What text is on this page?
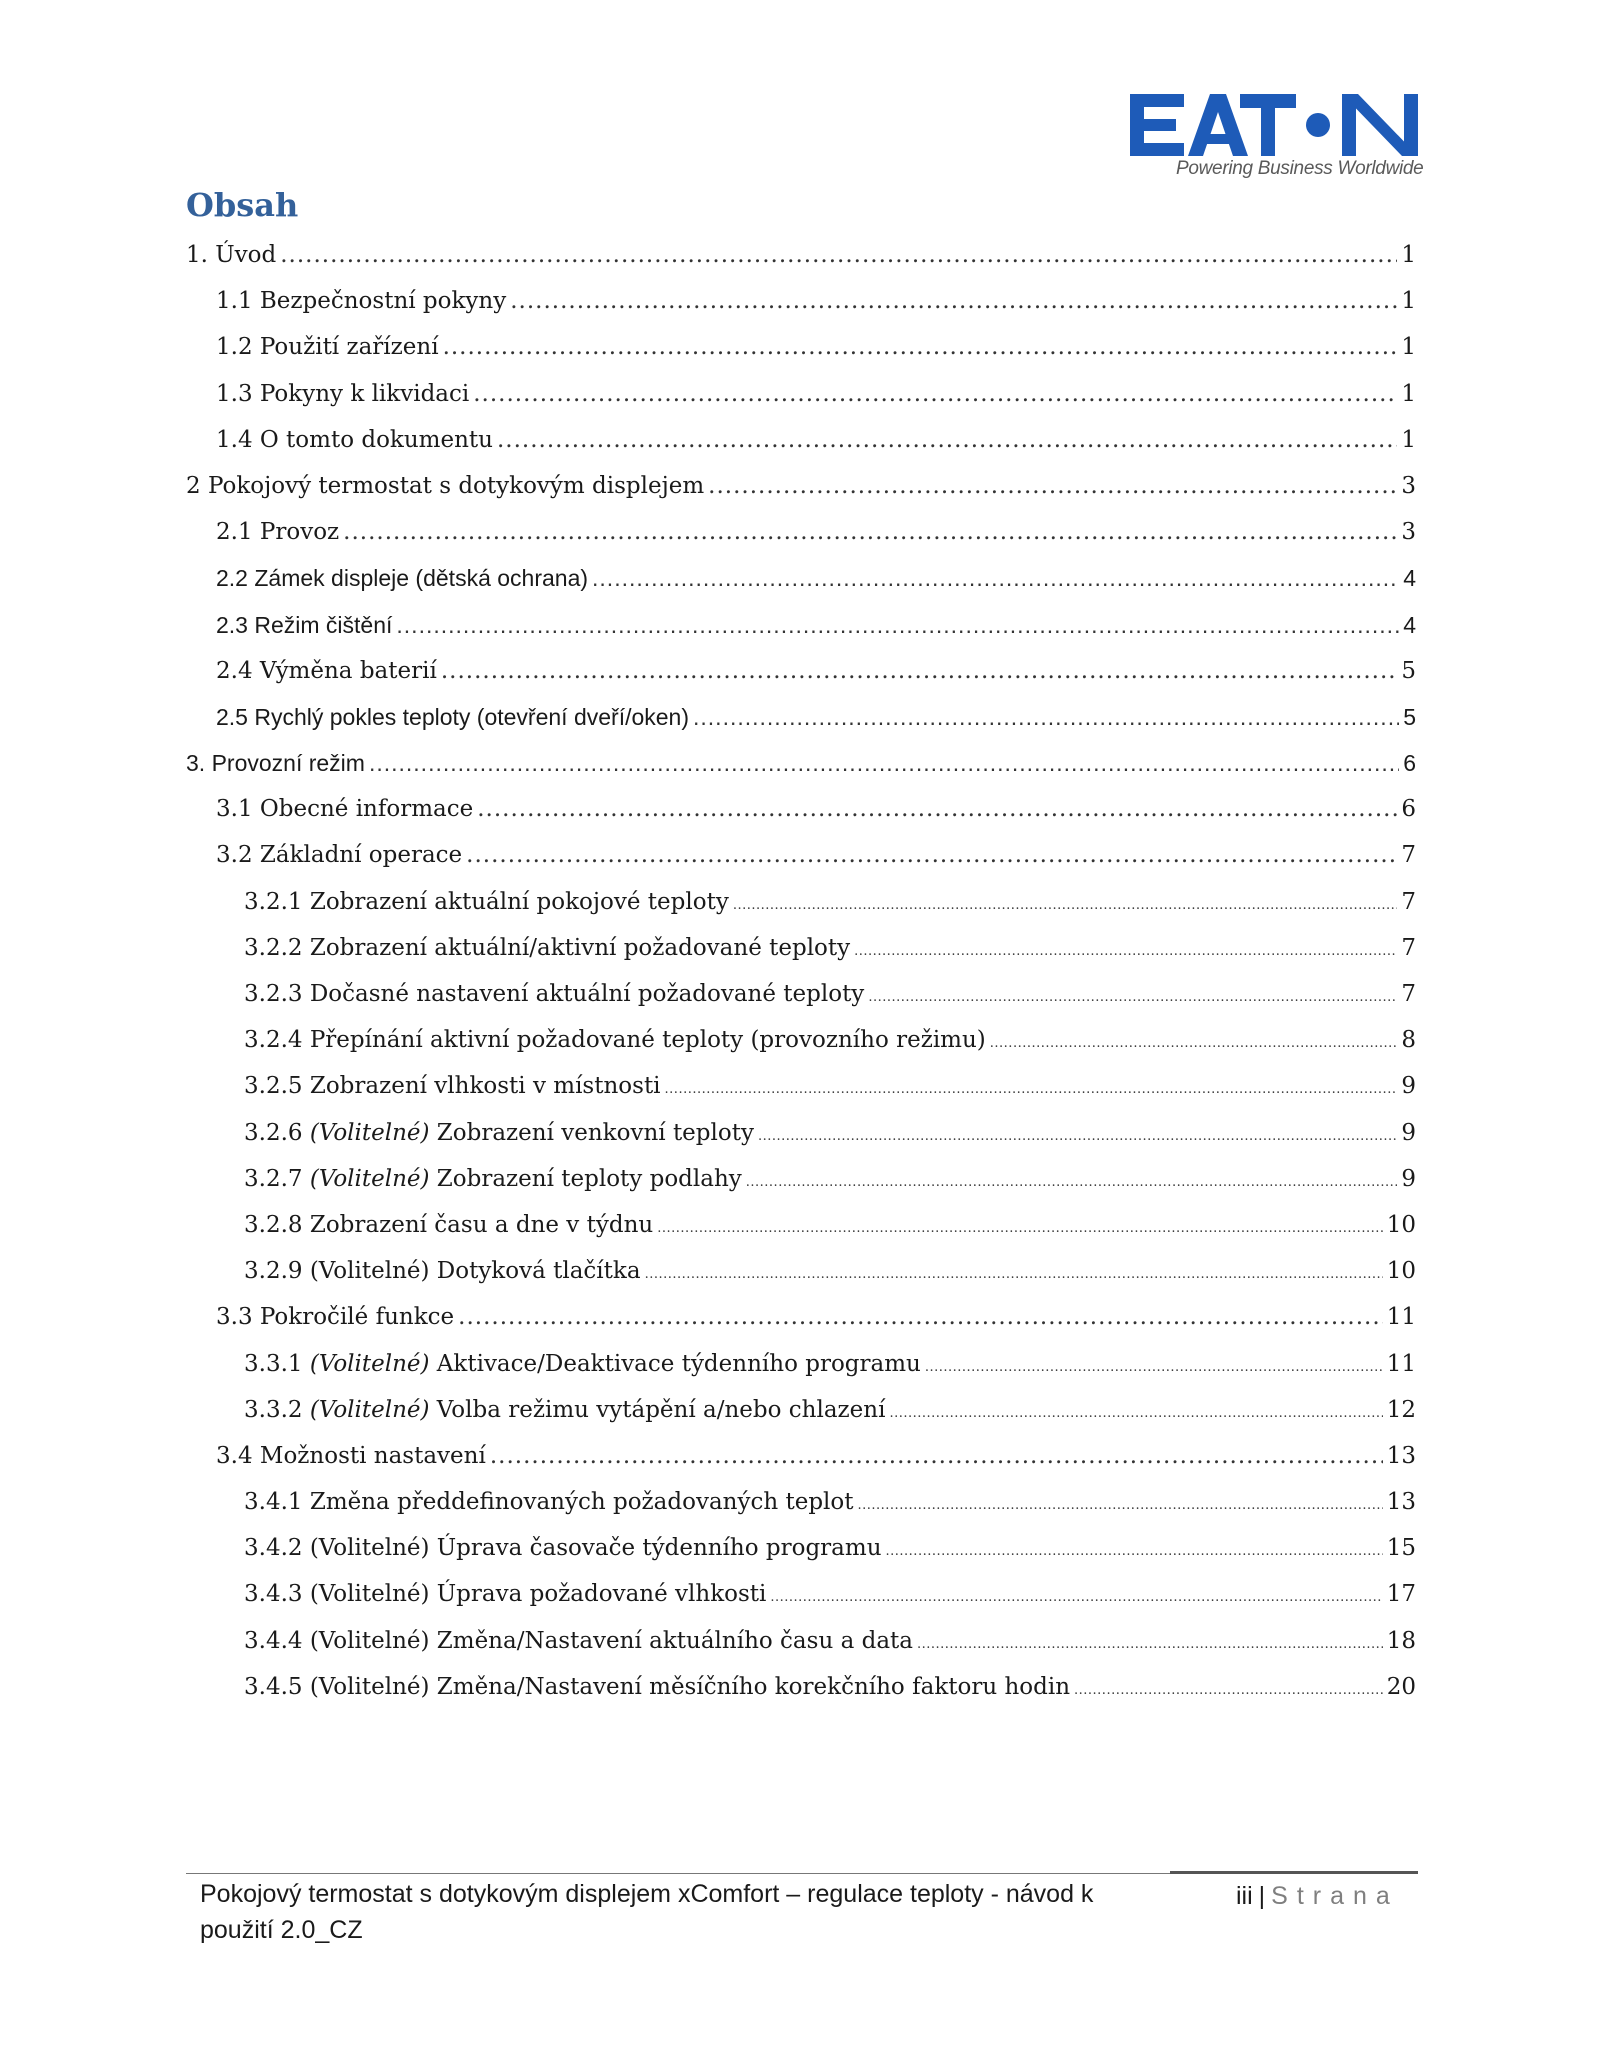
Powering Business Worldwide
Obsah
1. Úvod .....	1
1.1 Bezpečnostní pokyny .....	1
1.2 Použití zařízení .....	1
1.3 Pokyny k likvidaci .....	1
1.4 O tomto dokumentu .....	1
2 Pokojový termostat s dotykovým displejem .....	3
2.1 Provoz .....	3
2.2 Zámek displeje (dětská ochrana) .....	4
2.3 Režim čištění .....	4
2.4 Výměna baterií .....	5
2.5 Rychlý pokles teploty (otevření dveří/oken) .....	5
3. Provozní režim .....	6
3.1 Obecné informace .....	6
3.2 Základní operace .....	7
3.2.1 Zobrazení aktuální pokojové teploty .....	7
3.2.2 Zobrazení aktuální/aktivní požadované teploty .....	7
3.2.3 Dočasné nastavení aktuální požadované teploty .....	7
3.2.4 Přepínání aktivní požadované teploty (provozního režimu) .....	8
3.2.5 Zobrazení vlhkosti v místnosti .....	9
3.2.6 (Volitelné) Zobrazení venkovní teploty .....	9
3.2.7 (Volitelné) Zobrazení teploty podlahy .....	9
3.2.8 Zobrazení času a dne v týdnu .....	10
3.2.9 (Volitelné) Dotyková tlačítka .....	10
3.3 Pokročilé funkce .....	11
3.3.1 (Volitelné) Aktivace/Deaktivace týdenního programu .....	11
3.3.2 (Volitelné) Volba režimu vytápění a/nebo chlazení .....	12
3.4 Možnosti nastavení .....	13
3.4.1 Změna předdefinovaných požadovaných teplot .....	13
3.4.2 (Volitelné) Úprava časovače týdenního programu .....	15
3.4.3 (Volitelné) Úprava požadované vlhkosti .....	17
3.4.4 (Volitelné) Změna/Nastavení aktuálního času a data .....	18
3.4.5 (Volitelné) Změna/Nastavení měsíčního korekčního faktoru hodin .....	20
Pokojový termostat s dotykovým displejem xComfort – regulace teploty - návod k použití 2.0_CZ
iii | Strana
